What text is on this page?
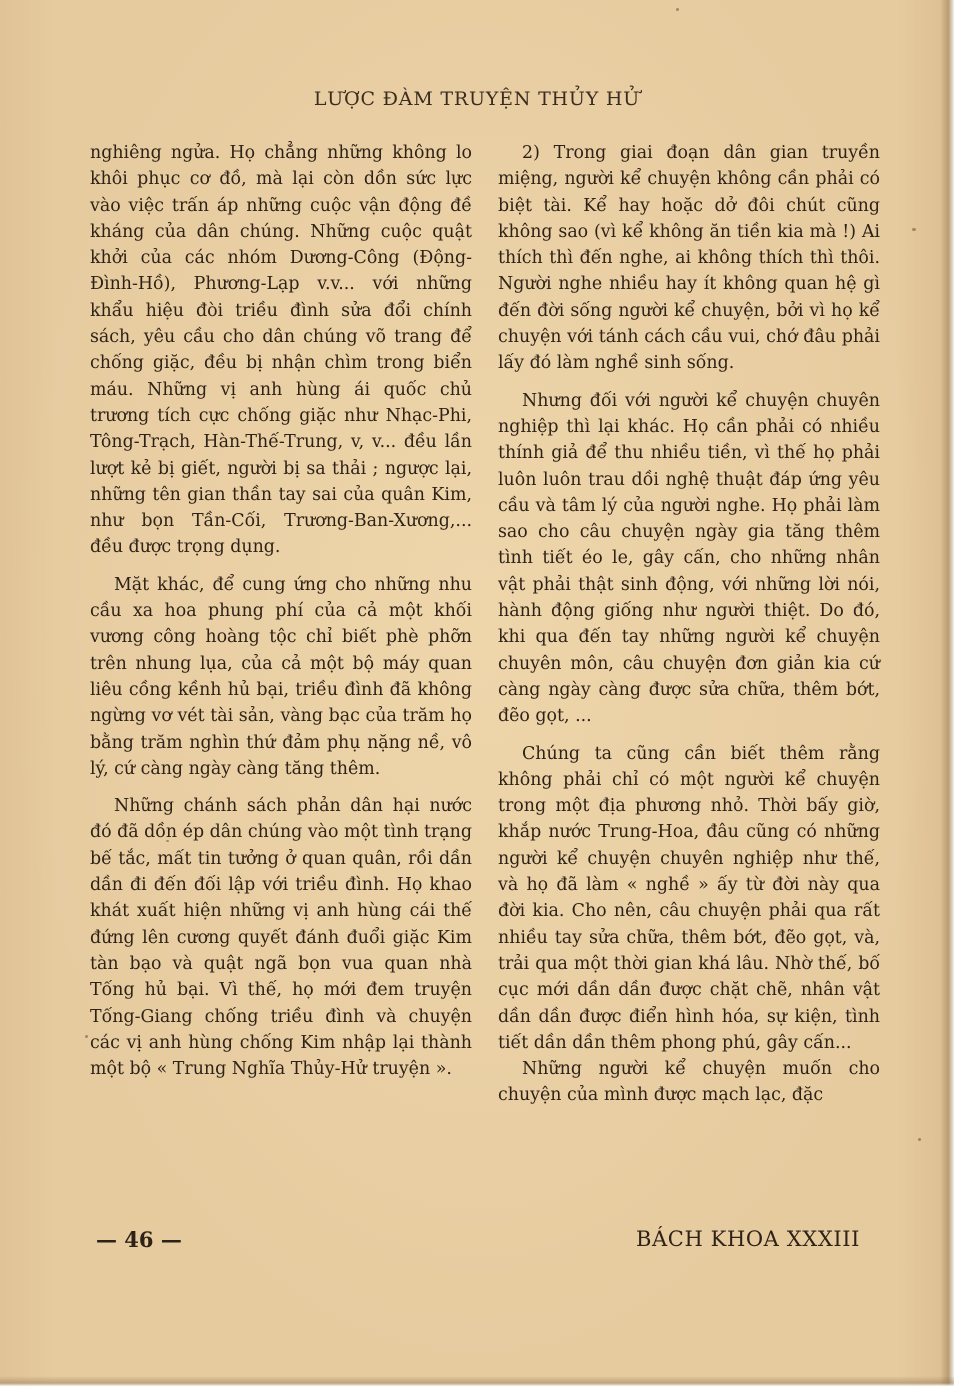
LƯỢC ĐÀM TRUYỆN THỦY HỬ

nghiêng ngửa. Họ chẳng những không lo khôi phục cơ đồ, mà lại còn dồn sức lực vào việc trấn áp những cuộc vận động đề kháng của dân chúng. Những cuộc quật khởi của các nhóm Dương-Công (Động-Đình-Hồ), Phương-Lạp v.v... với những khẩu hiệu đòi triều đình sửa đổi chính sách, yêu cầu cho dân chúng võ trang để chống giặc, đều bị nhận chìm trong biển máu. Những vị anh hùng ái quốc chủ trương tích cực chống giặc như Nhạc-Phi, Tông-Trạch, Hàn-Thế-Trung, v, v... đều lần lượt kẻ bị giết, người bị sa thải ; ngược lại, những tên gian thần tay sai của quân Kim, như bọn Tần-Cối, Trương-Ban-Xương,... đều được trọng dụng.

Mặt khác, để cung ứng cho những nhu cầu xa hoa phung phí của cả một khối vương công hoàng tộc chỉ biết phè phỡn trên nhung lụa, của cả một bộ máy quan liêu cồng kềnh hủ bại, triều đình đã không ngừng vơ vét tài sản, vàng bạc của trăm họ bằng trăm nghìn thứ đảm phụ nặng nề, vô lý, cứ càng ngày càng tăng thêm.

Những chánh sách phản dân hại nước đó đã dồn ép dân chúng vào một tình trạng bế tắc, mất tin tưởng ở quan quân, rồi dần dần đi đến đối lập với triều đình. Họ khao khát xuất hiện những vị anh hùng cái thế đứng lên cương quyết đánh đuổi giặc Kim tàn bạo và quật ngã bọn vua quan nhà Tống hủ bại. Vì thế, họ mới đem truyện Tống-Giang chống triều đình và chuyện các vị anh hùng chống Kim nhập lại thành một bộ « Trung Nghĩa Thủy-Hử truyện ».

2) Trong giai đoạn dân gian truyền miệng, người kể chuyện không cần phải có biệt tài. Kể hay hoặc dở đôi chút cũng không sao (vì kể không ăn tiền kia mà !) Ai thích thì đến nghe, ai không thích thì thôi. Người nghe nhiều hay ít không quan hệ gì đến đời sống người kể chuyện, bởi vì họ kể chuyện với tánh cách cầu vui, chớ đâu phải lấy đó làm nghề sinh sống.

Nhưng đối với người kể chuyện chuyên nghiệp thì lại khác. Họ cần phải có nhiều thính giả để thu nhiều tiền, vì thế họ phải luôn luôn trau dồi nghệ thuật đáp ứng yêu cầu và tâm lý của người nghe. Họ phải làm sao cho câu chuyện ngày gia tăng thêm tình tiết éo le, gây cấn, cho những nhân vật phải thật sinh động, với những lời nói, hành động giống như người thiệt. Do đó, khi qua đến tay những người kể chuyện chuyên môn, câu chuyện đơn giản kia cứ càng ngày càng được sửa chữa, thêm bớt, đẽo gọt, ...

Chúng ta cũng cần biết thêm rằng không phải chỉ có một người kể chuyện trong một địa phương nhỏ. Thời bấy giờ, khắp nước Trung-Hoa, đâu cũng có những người kể chuyện chuyên nghiệp như thế, và họ đã làm « nghề » ấy từ đời này qua đời kia. Cho nên, câu chuyện phải qua rất nhiều tay sửa chữa, thêm bớt, đẽo gọt, và, trải qua một thời gian khá lâu. Nhờ thế, bố cục mới dần dần được chặt chẽ, nhân vật dần dần được điển hình hóa, sự kiện, tình tiết dần dần thêm phong phú, gây cấn...

Những người kể chuyện muốn cho chuyện của mình được mạch lạc, đặc

— 46 —	BÁCH KHOA XXXIII
